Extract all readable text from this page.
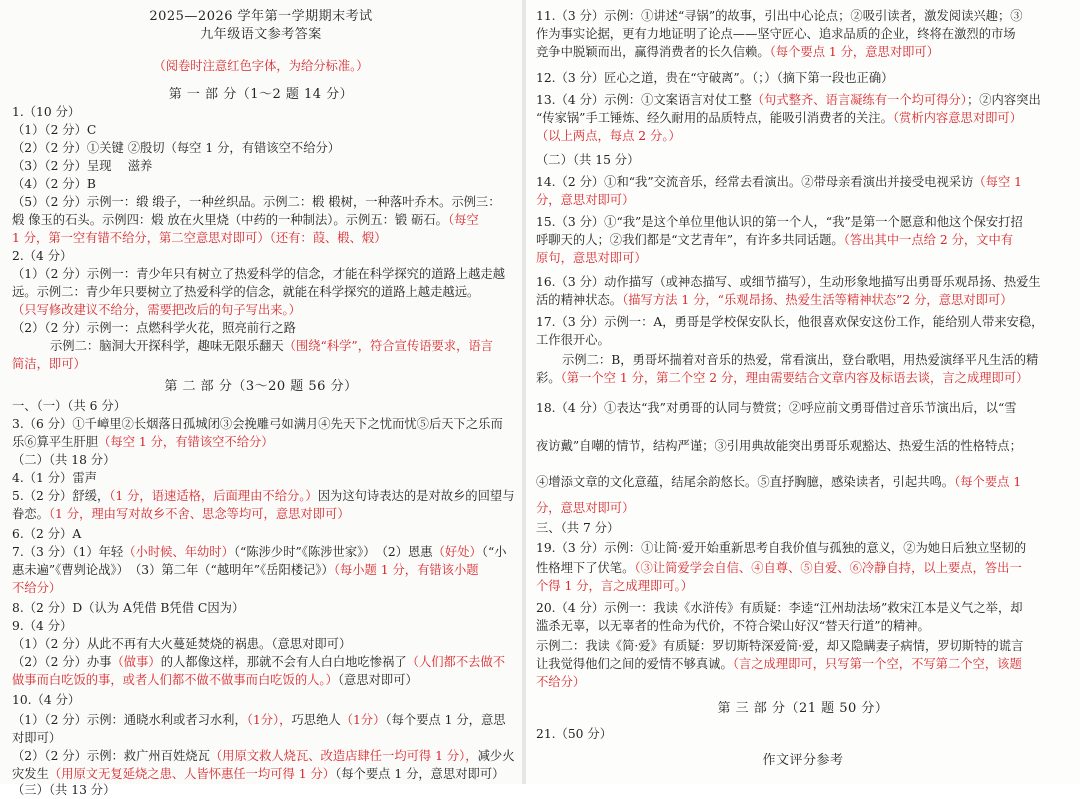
2025—2026 学年第一学期期末考试
九年级语文参考答案
（阅卷时注意红色字体，为给分标准。）
第 一 部 分（1～2 题 14 分）
1.（10 分）
（1）（2 分）C
（2）（2 分）①关键 ②殷切（每空 1 分，有错该空不给分）
（3）（2 分）呈现　 滋养
（4）（2 分）B
（5）（2 分）示例一：缎 缎子，一种丝织品。示例二：椴 椴树，一种落叶乔木。示例三：
煅 像玉的石头。示例四：煅 放在火里烧（中药的一种制法）。示例五：锻 砺石。（每空
1 分，第一空有错不给分，第二空意思对即可）（还有：葭、椴、煅）
2.（4 分）
（1）（2 分）示例一：青少年只有树立了热爱科学的信念，才能在科学探究的道路上越走越
远。示例二：青少年只要树立了热爱科学的信念，就能在科学探究的道路上越走越远。
（只写修改建议不给分，需要把改后的句子写出来。）
（2）（2 分）示例一：点燃科学火花，照亮前行之路
示例二：脑洞大开探科学，趣味无限乐翻天（围绕“科学”，符合宣传语要求，语言
简洁，即可）
第 二 部 分（3～20 题 56 分）
一、（一）（共 6 分）
3.（6 分）①千嶂里②长烟落日孤城闭③会挽雕弓如满月④先天下之忧而忧⑤后天下之乐而
乐⑥算平生肝胆（每空 1 分，有错该空不给分）
（二）（共 18 分）
4.（1 分）雷声
5.（2 分）舒缓，（1 分，语速适格，后面理由不给分。）因为这句诗表达的是对故乡的回望与
眷恋。（1 分，理由写对故乡不舍、思念等均可，意思对即可）
6.（2 分）A
7.（3 分）（1）年轻（小时候、年幼时）（“陈涉少时”《陈涉世家》）　（2）恩惠（好处）（“小
惠未遍”《曹刿论战》）　（3）第二年（“越明年”《岳阳楼记》）（每小题 1 分，有错该小题
不给分）
8.（2 分）D（认为 A凭借 B凭借 C因为）
9.（4 分）
（1）（2 分）从此不再有大火蔓延焚烧的祸患。（意思对即可）
（2）（2 分）办事（做事）的人都像这样，那就不会有人白白地吃惨祸了（人们都不去做不
做事而白吃饭的事，或者人们都不做不做事而白吃饭的人。）（意思对即可）
10.（4 分）
（1）（2 分）示例：通晓水利或者习水利，（1分），巧思绝人（1分）（每个要点 1 分，意思
对即可）
（2）（2 分）示例：救广州百姓烧瓦（用原文救人烧瓦、改造店肆任一均可得 1 分），减少火
灾发生（用原文无复延烧之患、人皆怀惠任一均可得 1 分）（每个要点 1 分，意思对即可）
（三）（共 13 分）
11.（3 分）示例：①讲述“寻锅”的故事，引出中心论点；②吸引读者，激发阅读兴趣；③
作为事实论据，更有力地证明了论点——坚守匠心、追求品质的企业，终将在激烈的市场
竞争中脱颖而出，赢得消费者的长久信赖。（每个要点 1 分，意思对即可）
12.（3 分）匠心之道，贵在“守破离”。（；）（摘下第一段也正确）
13.（4 分）示例：①文案语言对仗工整（句式整齐、语言凝练有一个均可得分）；②内容突出
“传家锅”手工锤炼、经久耐用的品质特点，能吸引消费者的关注。（赏析内容意思对即可）
（以上两点，每点 2 分。）
（二）（共 15 分）
14.（2 分）①和“我”交流音乐，经常去看演出。②带母亲看演出并接受电视采访（每空 1
分，意思对即可）
15.（3 分）①“我”是这个单位里他认识的第一个人，“我”是第一个愿意和他这个保安打招
呼聊天的人；②我们都是“文艺青年”，有许多共同话题。（答出其中一点给 2 分，文中有
原句，意思对即可）
16.（3 分）动作描写（或神态描写、或细节描写），生动形象地描写出勇哥乐观昂扬、热爱生
活的精神状态。（描写方法 1 分，“乐观昂扬、热爱生活等精神状态”2 分，意思对即可）
17.（3 分）示例一：A，勇哥是学校保安队长，他很喜欢保安这份工作，能给别人带来安稳，
工作很开心。
示例二：B，勇哥坏揣着对音乐的热爱，常看演出，登台歌唱，用热爱演绎平凡生活的精
彩。（第一个空 1 分，第二个空 2 分，理由需要结合文章内容及标语去谈，言之成理即可）
18.（4 分）①表达“我”对勇哥的认同与赞赏；②呼应前文勇哥借过音乐节演出后，以“雪
夜访戴”自嘲的情节，结构严谨；③引用典故能突出勇哥乐观豁达、热爱生活的性格特点；
④增添文章的文化意蕴，结尾余韵悠长。⑤直抒胸臆，感染读者，引起共鸣。（每个要点 1
分，意思对即可）
三、（共 7 分）
19.（3 分）示例：①让简·爱开始重新思考自我价值与孤独的意义，②为她日后独立坚韧的
性格埋下了伏笔。（③让简爱学会自信、④自尊、⑤自爱、⑥冷静自持，以上要点，答出一
个得 1 分，言之成理即可。）
20.（4 分）示例一：我读《水浒传》有质疑：李逵“江州劫法场”救宋江本是义气之举，却
滥杀无辜，以无辜者的性命为代价，不符合梁山好汉“替天行道”的精神。
示例二：我读《简·爱》有质疑：罗切斯特深爱简·爱，却又隐瞒妻子病情，罗切斯特的谎言
让我觉得他们之间的爱情不够真诚。（言之成理即可，只写第一个空，不写第二个空，该题
不给分）
第 三 部 分（21 题 50 分）
21.（50 分）
作文评分参考
